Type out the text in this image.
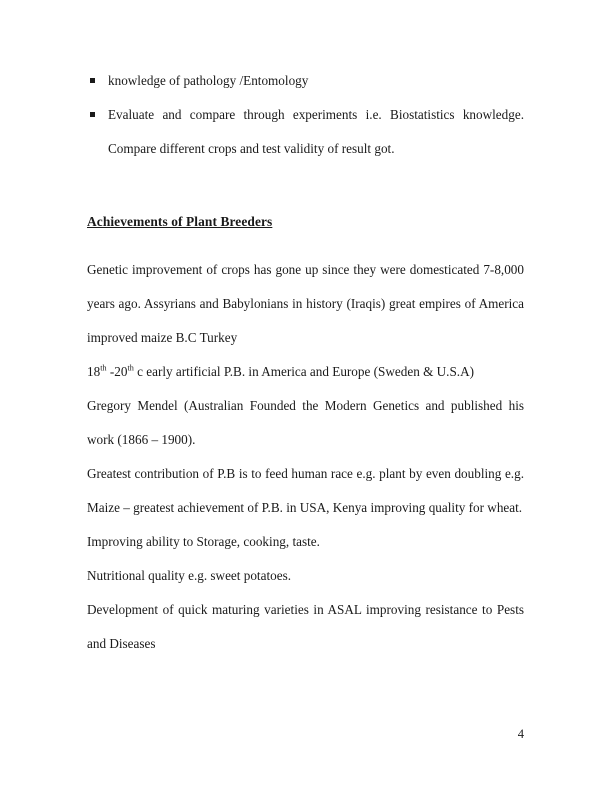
knowledge of pathology /Entomology
Evaluate and compare through experiments i.e. Biostatistics knowledge. Compare different crops and test validity of result got.
Achievements of Plant Breeders

Genetic improvement of crops has gone up since they were domesticated 7-8,000 years ago. Assyrians and Babylonians in history (Iraqis) great empires of America improved maize B.C Turkey

18th -20th c early artificial P.B. in America and Europe (Sweden & U.S.A)

Gregory Mendel (Australian Founded the Modern Genetics and published his work (1866 – 1900).

Greatest contribution of P.B is to feed human race e.g. plant by even doubling e.g. Maize – greatest achievement of P.B. in USA, Kenya improving quality for wheat.

Improving ability to Storage, cooking, taste.

Nutritional quality e.g. sweet potatoes.

Development of quick maturing varieties in ASAL improving resistance to Pests and Diseases

4
